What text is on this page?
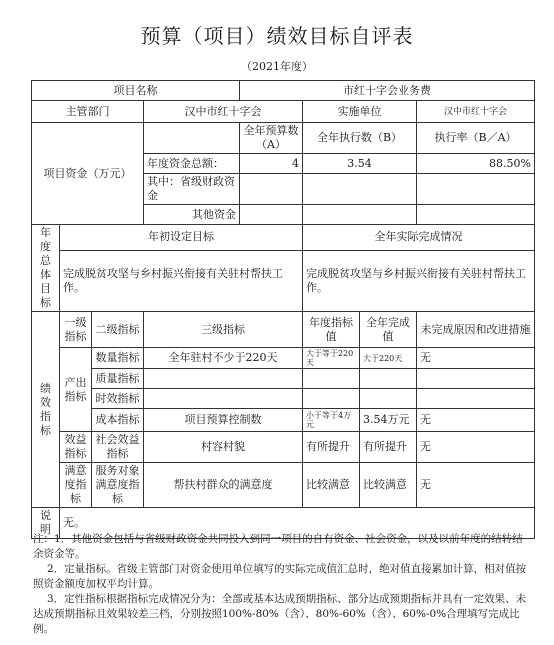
预算（项目）绩效目标自评表
（2021年度）
项目名称				市红十字会业务费			
主管部门			汉中市红十字会		实施单位		汉中市红十字会
项目资金（万元）				全年预算数（A）	全年执行数（B）		执行率（B／A）
			年度资金总额：	4	3.54		88.50%
			其中：省级财政资金				
			其他资金				
年度总体目标	年初设定目标				全年实际完成情况		
	完成脱贫攻坚与乡村振兴衔接有关驻村帮扶工作。				完成脱贫攻坚与乡村振兴衔接有关驻村帮扶工作。		
绩效指标	一级指标	二级指标	三级指标		年度指标值	全年完成值	未完成原因和改进措施
	产出指标	数量指标	全年驻村不少于220天		大于等于220天	大于220天	无
		质量指标					
		时效指标					
		成本指标	项目预算控制数		小于等于4万元	3.54万元	无
	效益指标	社会效益指标	村容村貌		有所提升	有所提升	无
	满意度指标	服务对象满意度指标	帮扶村群众的满意度		比较满意	比较满意	无
说明	无。						

注：1．其他资金包括与省级财政资金共同投入到同一项目的自有资金、社会资金，以及以前年度的结转结余资金等。

2．定量指标。省级主管部门对资金使用单位填写的实际完成值汇总时，绝对值直接累加计算，相对值按照资金额度加权平均计算。

3．定性指标根据指标完成情况分为：全部或基本达成预期指标、部分达成预期指标并具有一定效果、未达成预期指标且效果较差三档，分别按照100%-80%（含）、80%-60%（含）、60%-0%合理填写完成比例。
